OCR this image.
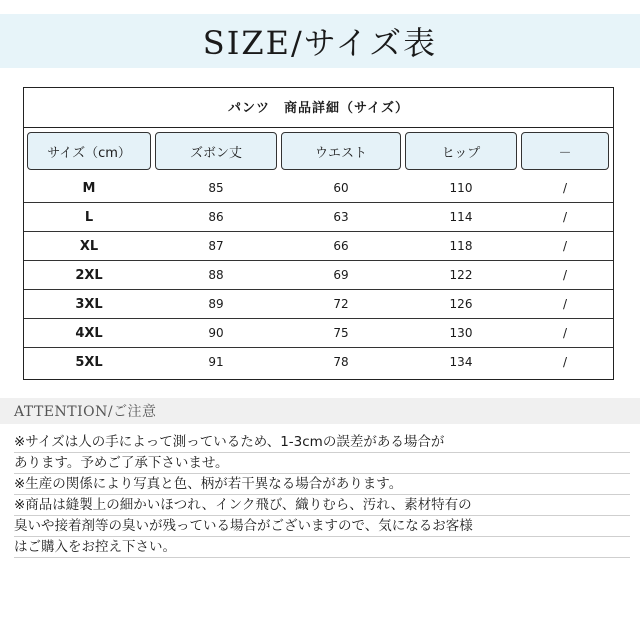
SIZE/サイズ表
パンツ　商品詳細（サイズ）
サイズ（cm）	ズボン丈	ウエスト	ヒップ	－
M	85	60	110	/
L	86	63	114	/
XL	87	66	118	/
2XL	88	69	122	/
3XL	89	72	126	/
4XL	90	75	130	/
5XL	91	78	134	/
ATTENTION/ご注意
※サイズは人の手によって測っているため、1-3cmの誤差がある場合が
あります。予めご了承下さいませ。
※生産の関係により写真と色、柄が若干異なる場合があります。
※商品は縫製上の細かいほつれ、インク飛び、織りむら、汚れ、素材特有の
臭いや接着剤等の臭いが残っている場合がございますので、気になるお客様
はご購入をお控え下さい。
